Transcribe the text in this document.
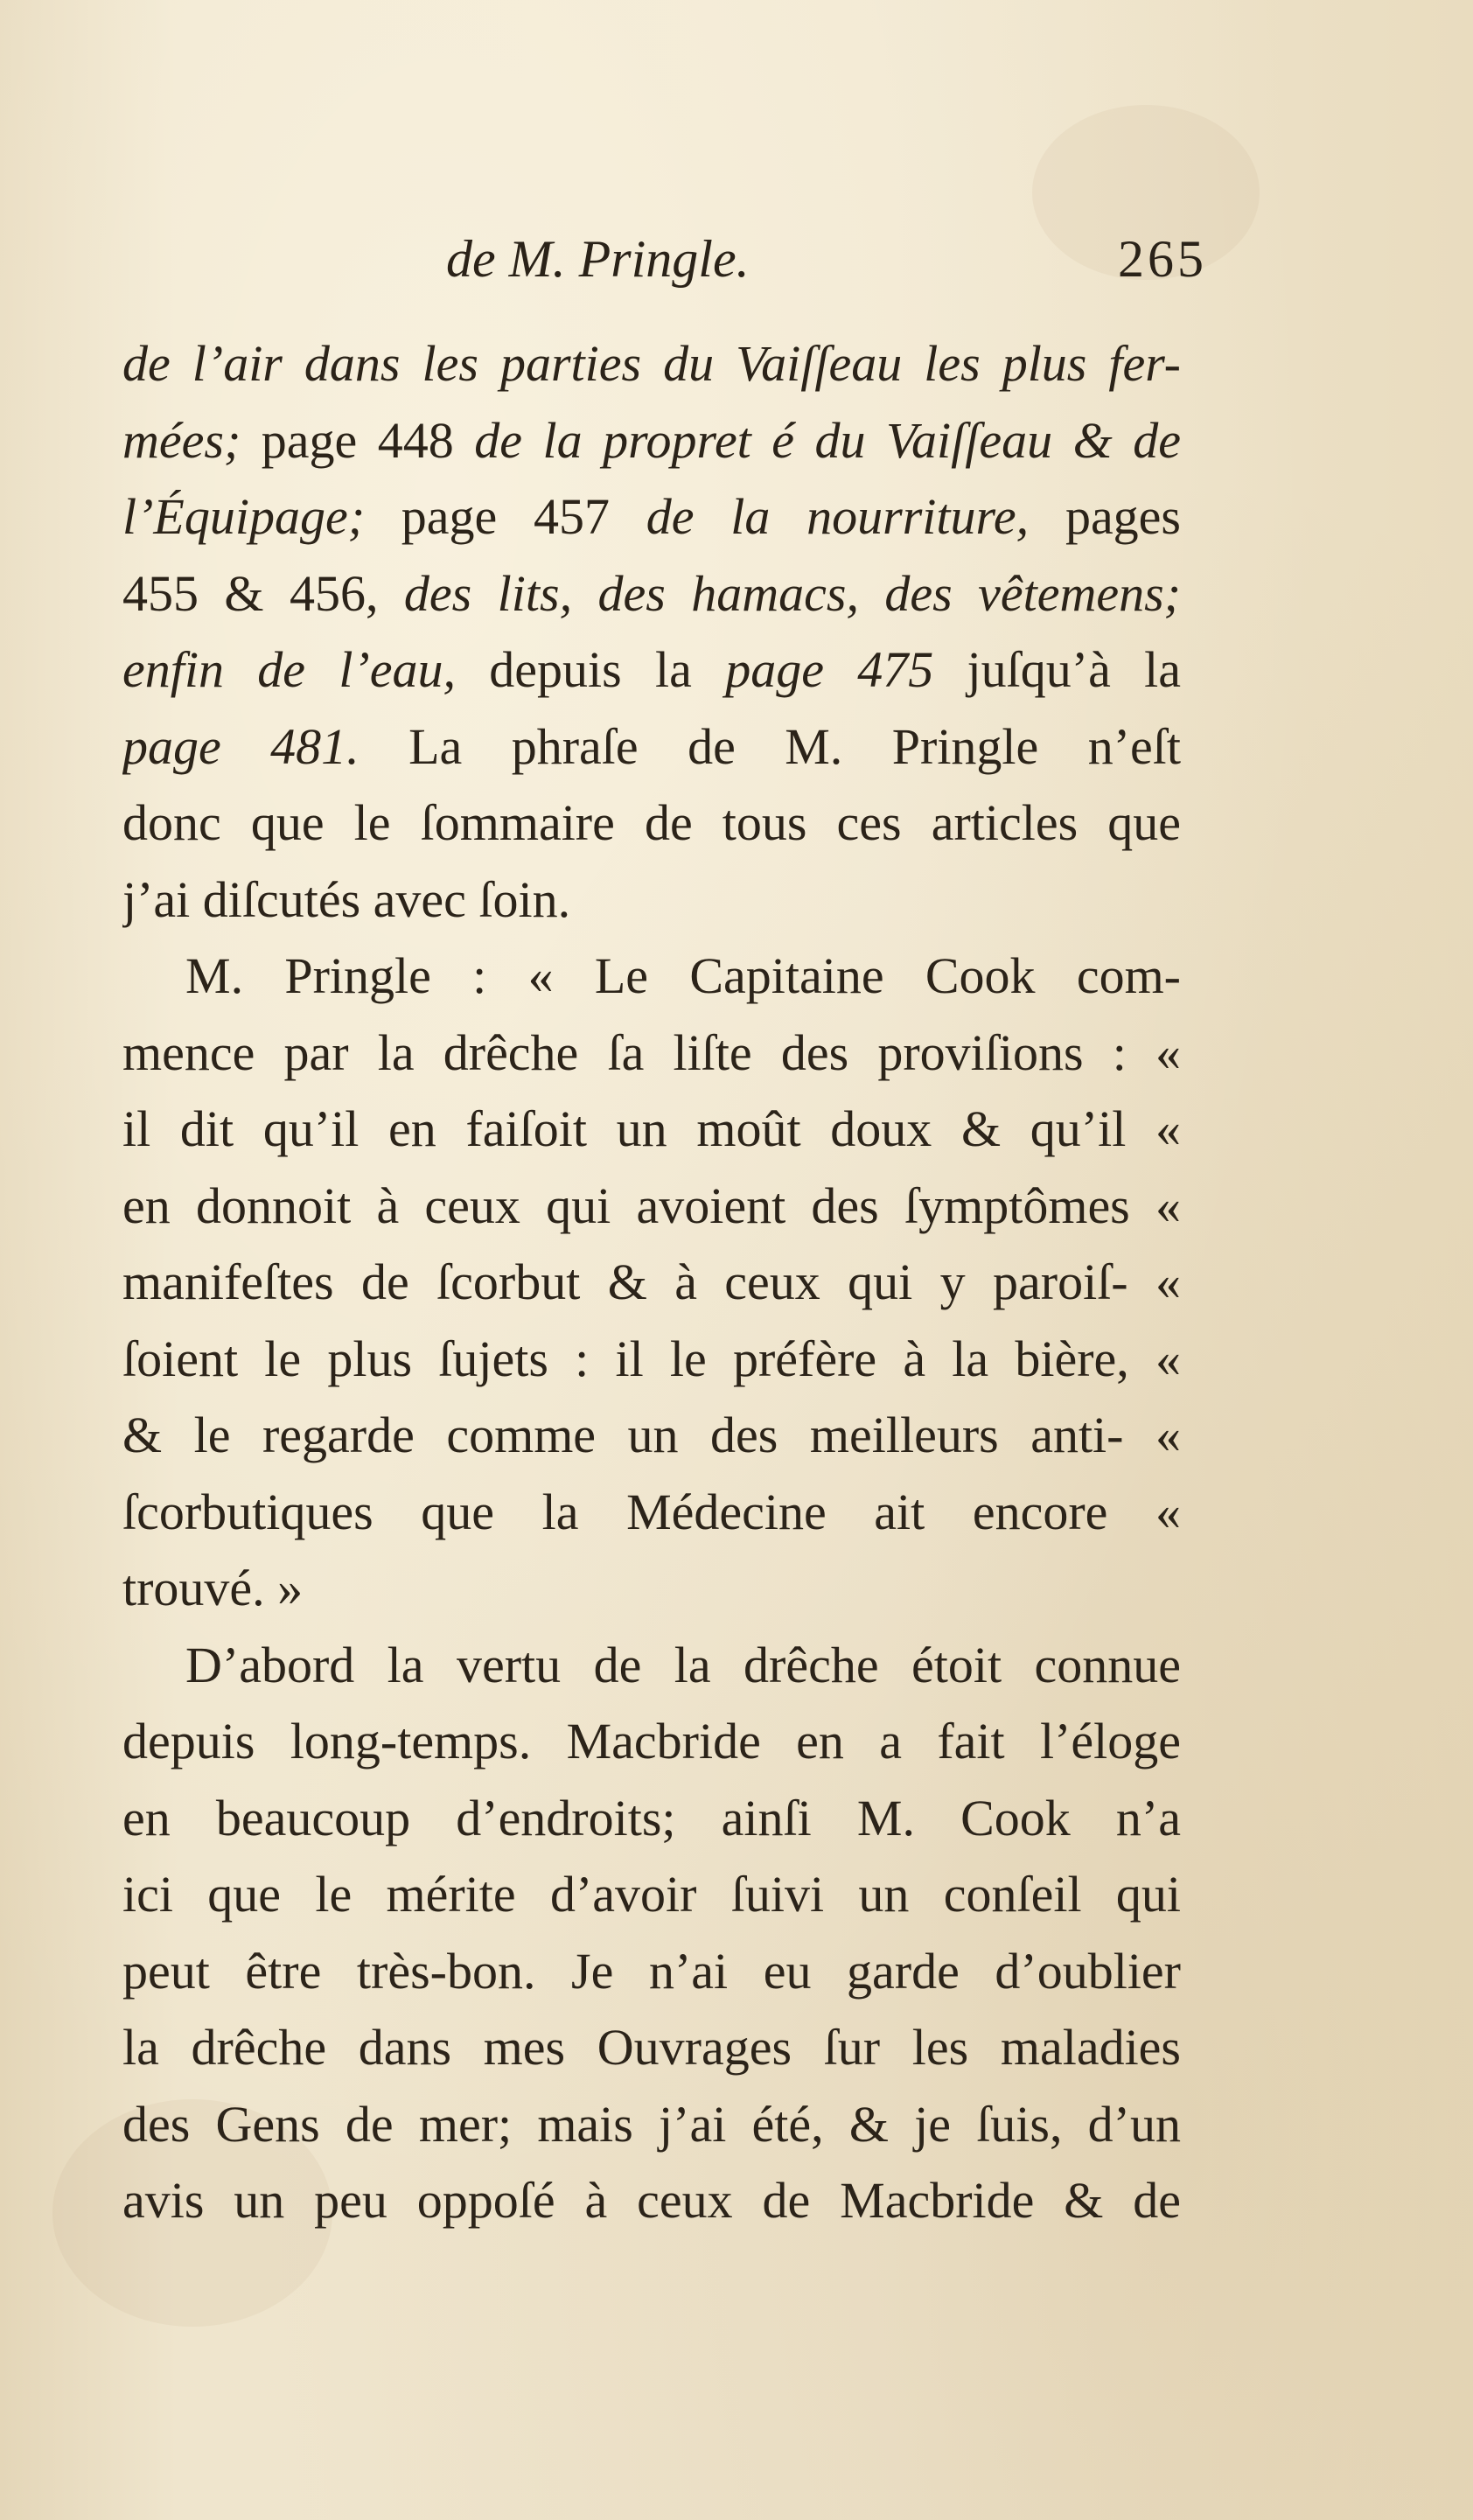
de M. Pringle.	265
de l’air dans les parties du Vaiſſeau les plus fer-
mées; page 448 de la propret é du Vaiſſeau & de
l’Équipage; page 457 de la nourriture, pages
455 & 456, des lits, des hamacs, des vêtemens;
enfin de l’eau, depuis la page 475 juſqu’à la
page 481. La phraſe de M. Pringle n’eſt
donc que le ſommaire de tous ces articles que
j’ai diſcutés avec ſoin.
M. Pringle : « Le Capitaine Cook com-
mence par la drêche ſa liſte des proviſions : «
il dit qu’il en faiſoit un moût doux & qu’il «
en donnoit à ceux qui avoient des ſymptômes «
manifeſtes de ſcorbut & à ceux qui y paroiſ- «
ſoient le plus ſujets : il le préfère à la bière, «
& le regarde comme un des meilleurs anti- «
ſcorbutiques que la Médecine ait encore «
trouvé. »
D’abord la vertu de la drêche étoit connue
depuis long-temps. Macbride en a fait l’éloge
en beaucoup d’endroits; ainſi M. Cook n’a
ici que le mérite d’avoir ſuivi un conſeil qui
peut être très-bon. Je n’ai eu garde d’oublier
la drêche dans mes Ouvrages ſur les maladies
des Gens de mer; mais j’ai été, & je ſuis, d’un
avis un peu oppoſé à ceux de Macbride & de
